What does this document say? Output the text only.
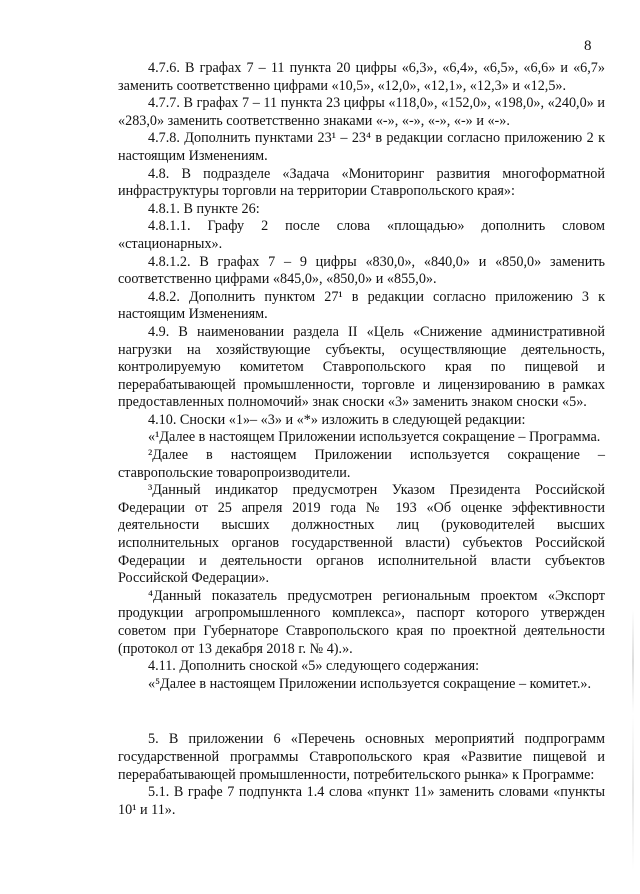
8

4.7.6. В графах 7 – 11 пункта 20 цифры «6,3», «6,4», «6,5», «6,6» и «6,7» заменить соответственно цифрами «10,5», «12,0», «12,1», «12,3» и «12,5».

4.7.7. В графах 7 – 11 пункта 23 цифры «118,0», «152,0», «198,0», «240,0» и «283,0» заменить соответственно знаками «-», «-», «-», «-» и «-».

4.7.8. Дополнить пунктами 23¹ – 23⁴ в редакции согласно приложению 2 к настоящим Изменениям.

4.8. В подразделе «Задача «Мониторинг развития многоформатной инфраструктуры торговли на территории Ставропольского края»:

4.8.1. В пункте 26:

4.8.1.1. Графу 2 после слова «площадью» дополнить словом «стационарных».

4.8.1.2. В графах 7 – 9 цифры «830,0», «840,0» и «850,0» заменить соответственно цифрами «845,0», «850,0» и «855,0».

4.8.2. Дополнить пунктом 27¹ в редакции согласно приложению 3 к настоящим Изменениям.

4.9. В наименовании раздела II «Цель «Снижение административной нагрузки на хозяйствующие субъекты, осуществляющие деятельность, контролируемую комитетом Ставропольского края по пищевой и перерабатывающей промышленности, торговле и лицензированию в рамках предоставленных полномочий» знак сноски «3» заменить знаком сноски «5».

4.10. Сноски «1»– «3» и «*» изложить в следующей редакции:

«¹Далее в настоящем Приложении используется сокращение – Программа.

²Далее в настоящем Приложении используется сокращение – ставропольские товаропроизводители.

³Данный индикатор предусмотрен Указом Президента Российской Федерации от 25 апреля 2019 года № 193 «Об оценке эффективности деятельности высших должностных лиц (руководителей высших исполнительных органов государственной власти) субъектов Российской Федерации и деятельности органов исполнительной власти субъектов Российской Федерации».

⁴Данный показатель предусмотрен региональным проектом «Экспорт продукции агропромышленного комплекса», паспорт которого утвержден советом при Губернаторе Ставропольского края по проектной деятельности (протокол от 13 декабря 2018 г. № 4).».

4.11. Дополнить сноской «5» следующего содержания:

«⁵Далее в настоящем Приложении используется сокращение – комитет.».

5. В приложении 6 «Перечень основных мероприятий подпрограмм государственной программы Ставропольского края «Развитие пищевой и перерабатывающей промышленности, потребительского рынка» к Программе:

5.1. В графе 7 подпункта 1.4 слова «пункт 11» заменить словами «пункты 10¹ и 11».
